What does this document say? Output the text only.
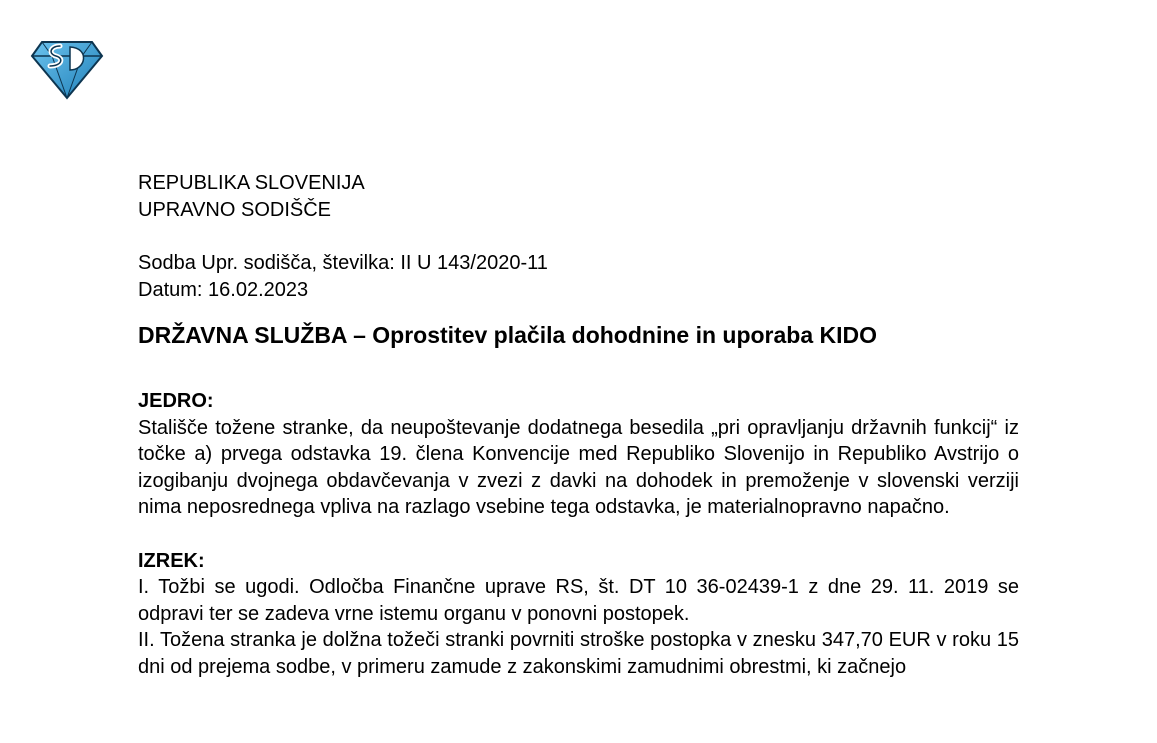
REPUBLIKA SLOVENIJA
UPRAVNO SODIŠČE
Sodba Upr. sodišča, številka: II U 143/2020-11
Datum: 16.02.2023
DRŽAVNA SLUŽBA – Oprostitev plačila dohodnine in uporaba KIDO
JEDRO:
Stališče tožene stranke, da neupoštevanje dodatnega besedila „pri opravljanju državnih funkcij“ iz točke a) prvega odstavka 19. člena Konvencije med Republiko Slovenijo in Republiko Avstrijo o izogibanju dvojnega obdavčevanja v zvezi z davki na dohodek in premoženje v slovenski verziji nima neposrednega vpliva na razlago vsebine tega odstavka, je materialnopravno napačno.
IZREK:
I. Tožbi se ugodi. Odločba Finančne uprave RS, št. DT 10 36-02439-1 z dne 29. 11. 2019 se odpravi ter se zadeva vrne istemu organu v ponovni postopek.
II. Tožena stranka je dolžna tožeči stranki povrniti stroške postopka v znesku 347,70 EUR v roku 15 dni od prejema sodbe, v primeru zamude z zakonskimi zamudnimi obrestmi, ki začnejo
